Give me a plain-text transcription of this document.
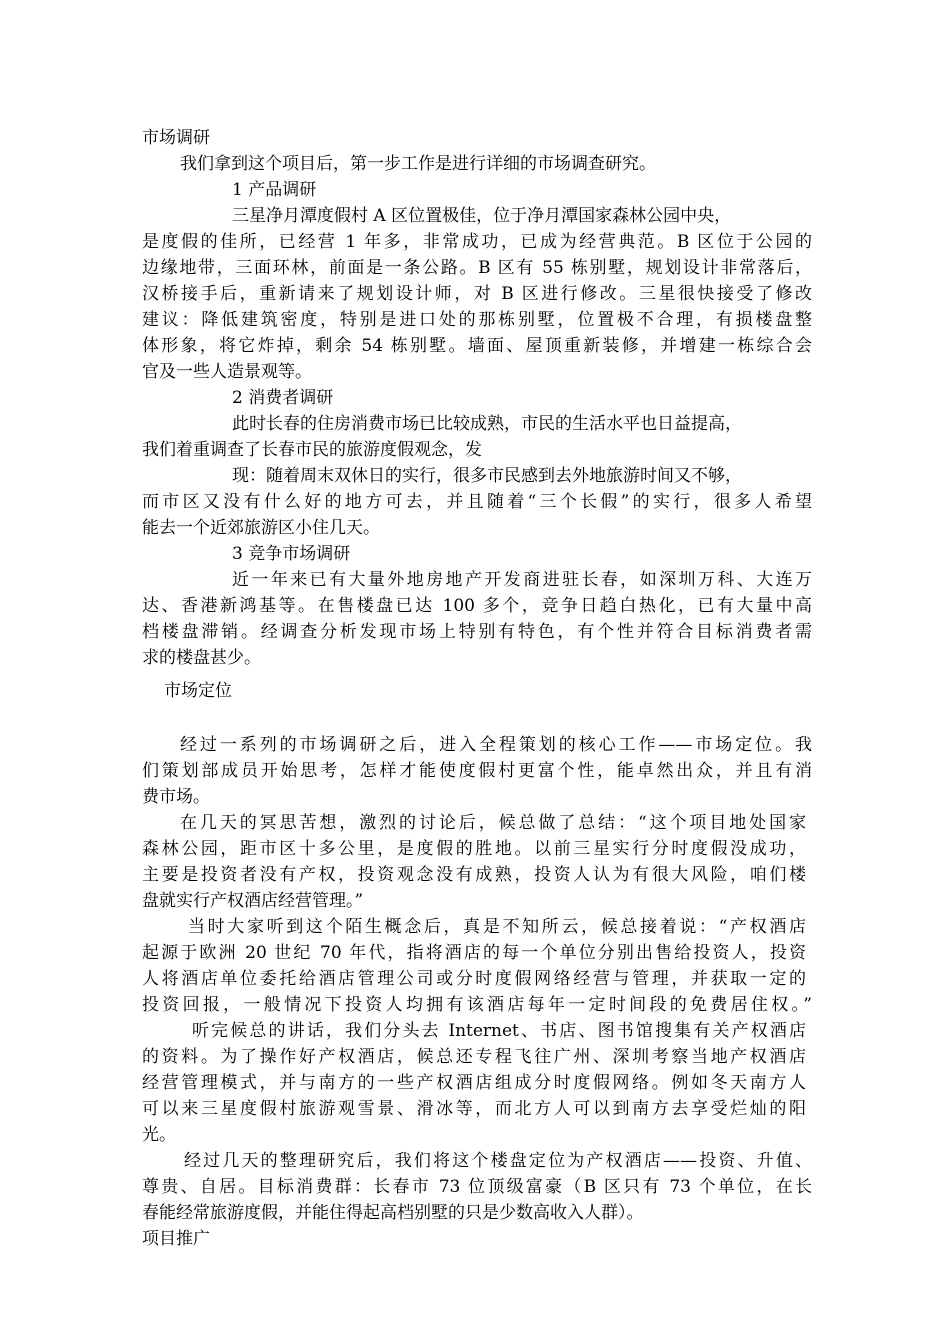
市场调研
我们拿到这个项目后，第一步工作是进行详细的市场调查研究。
1 产品调研
三星净月潭度假村 A 区位置极佳，位于净月潭国家森林公园中央，
是度假的佳所，已经营 1 年多，非常成功，已成为经营典范。B 区位于公园的
边缘地带，三面环林，前面是一条公路。B 区有 55 栋别墅，规划设计非常落后，
汉桥接手后，重新请来了规划设计师，对 B 区进行修改。三星很快接受了修改
建议：降低建筑密度，特别是进口处的那栋别墅，位置极不合理，有损楼盘整
体形象，将它炸掉，剩余 54 栋别墅。墙面、屋顶重新装修，并增建一栋综合会
官及一些人造景观等。
2 消费者调研
此时长春的住房消费市场已比较成熟，市民的生活水平也日益提高，
我们着重调查了长春市民的旅游度假观念，发
现：随着周末双休日的实行，很多市民感到去外地旅游时间又不够，
而市区又没有什么好的地方可去，并且随着“三个长假”的实行，很多人希望
能去一个近郊旅游区小住几天。
3 竞争市场调研
近一年来已有大量外地房地产开发商进驻长春，如深圳万科、大连万
达、香港新鸿基等。在售楼盘已达 100 多个，竞争日趋白热化，已有大量中高
档楼盘滞销。经调查分析发现市场上特别有特色，有个性并符合目标消费者需
求的楼盘甚少。
市场定位
经过一系列的市场调研之后，进入全程策划的核心工作——市场定位。我
们策划部成员开始思考，怎样才能使度假村更富个性，能卓然出众，并且有消
费市场。
在几天的冥思苦想，激烈的讨论后，候总做了总结：“这个项目地处国家
森林公园，距市区十多公里，是度假的胜地。以前三星实行分时度假没成功，
主要是投资者没有产权，投资观念没有成熟，投资人认为有很大风险，咱们楼
盘就实行产权酒店经营管理。”
当时大家听到这个陌生概念后，真是不知所云，候总接着说：“产权酒店
起源于欧洲 20 世纪 70 年代，指将酒店的每一个单位分别出售给投资人，投资
人将酒店单位委托给酒店管理公司或分时度假网络经营与管理，并获取一定的
投资回报，一般情况下投资人均拥有该酒店每年一定时间段的免费居住权。”
听完候总的讲话，我们分头去 Internet、书店、图书馆搜集有关产权酒店
的资料。为了操作好产权酒店，候总还专程飞往广州、深圳考察当地产权酒店
经营管理模式，并与南方的一些产权酒店组成分时度假网络。例如冬天南方人
可以来三星度假村旅游观雪景、滑冰等，而北方人可以到南方去享受烂灿的阳
光。
经过几天的整理研究后，我们将这个楼盘定位为产权酒店——投资、升值、
尊贵、自居。目标消费群：长春市 73 位顶级富豪（B 区只有 73 个单位，在长
春能经常旅游度假，并能住得起高档别墅的只是少数高收入人群）。
项目推广
